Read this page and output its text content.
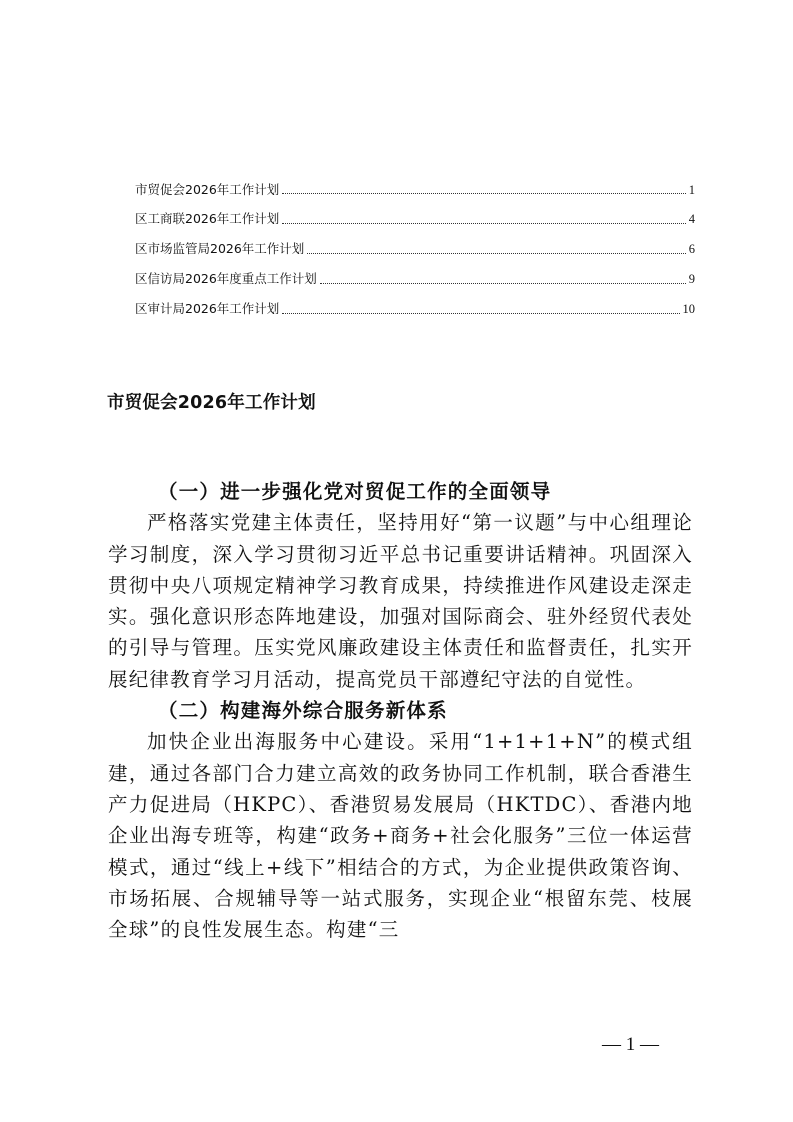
市贸促会2026年工作计划	1
区工商联2026年工作计划	4
区市场监管局2026年工作计划	6
区信访局2026年度重点工作计划	9
区审计局2026年工作计划	10
市贸促会2026年工作计划

（一）进一步强化党对贸促工作的全面领导

严格落实党建主体责任，坚持用好“第一议题”与中心组理论学习制度，深入学习贯彻习近平总书记重要讲话精神。巩固深入贯彻中央八项规定精神学习教育成果，持续推进作风建设走深走实。强化意识形态阵地建设，加强对国际商会、驻外经贸代表处的引导与管理。压实党风廉政建设主体责任和监督责任，扎实开展纪律教育学习月活动，提高党员干部遵纪守法的自觉性。

（二）构建海外综合服务新体系

加快企业出海服务中心建设。采用“1+1+1+N”的模式组建，通过各部门合力建立高效的政务协同工作机制，联合香港生产力促进局（HKPC）、香港贸易发展局（HKTDC）、香港内地企业出海专班等，构建“政务+商务+社会化服务”三位一体运营模式，通过“线上+线下”相结合的方式，为企业提供政策咨询、市场拓展、合规辅导等一站式服务，实现企业“根留东莞、枝展全球”的良性发展生态。构建“三

— 1 —
